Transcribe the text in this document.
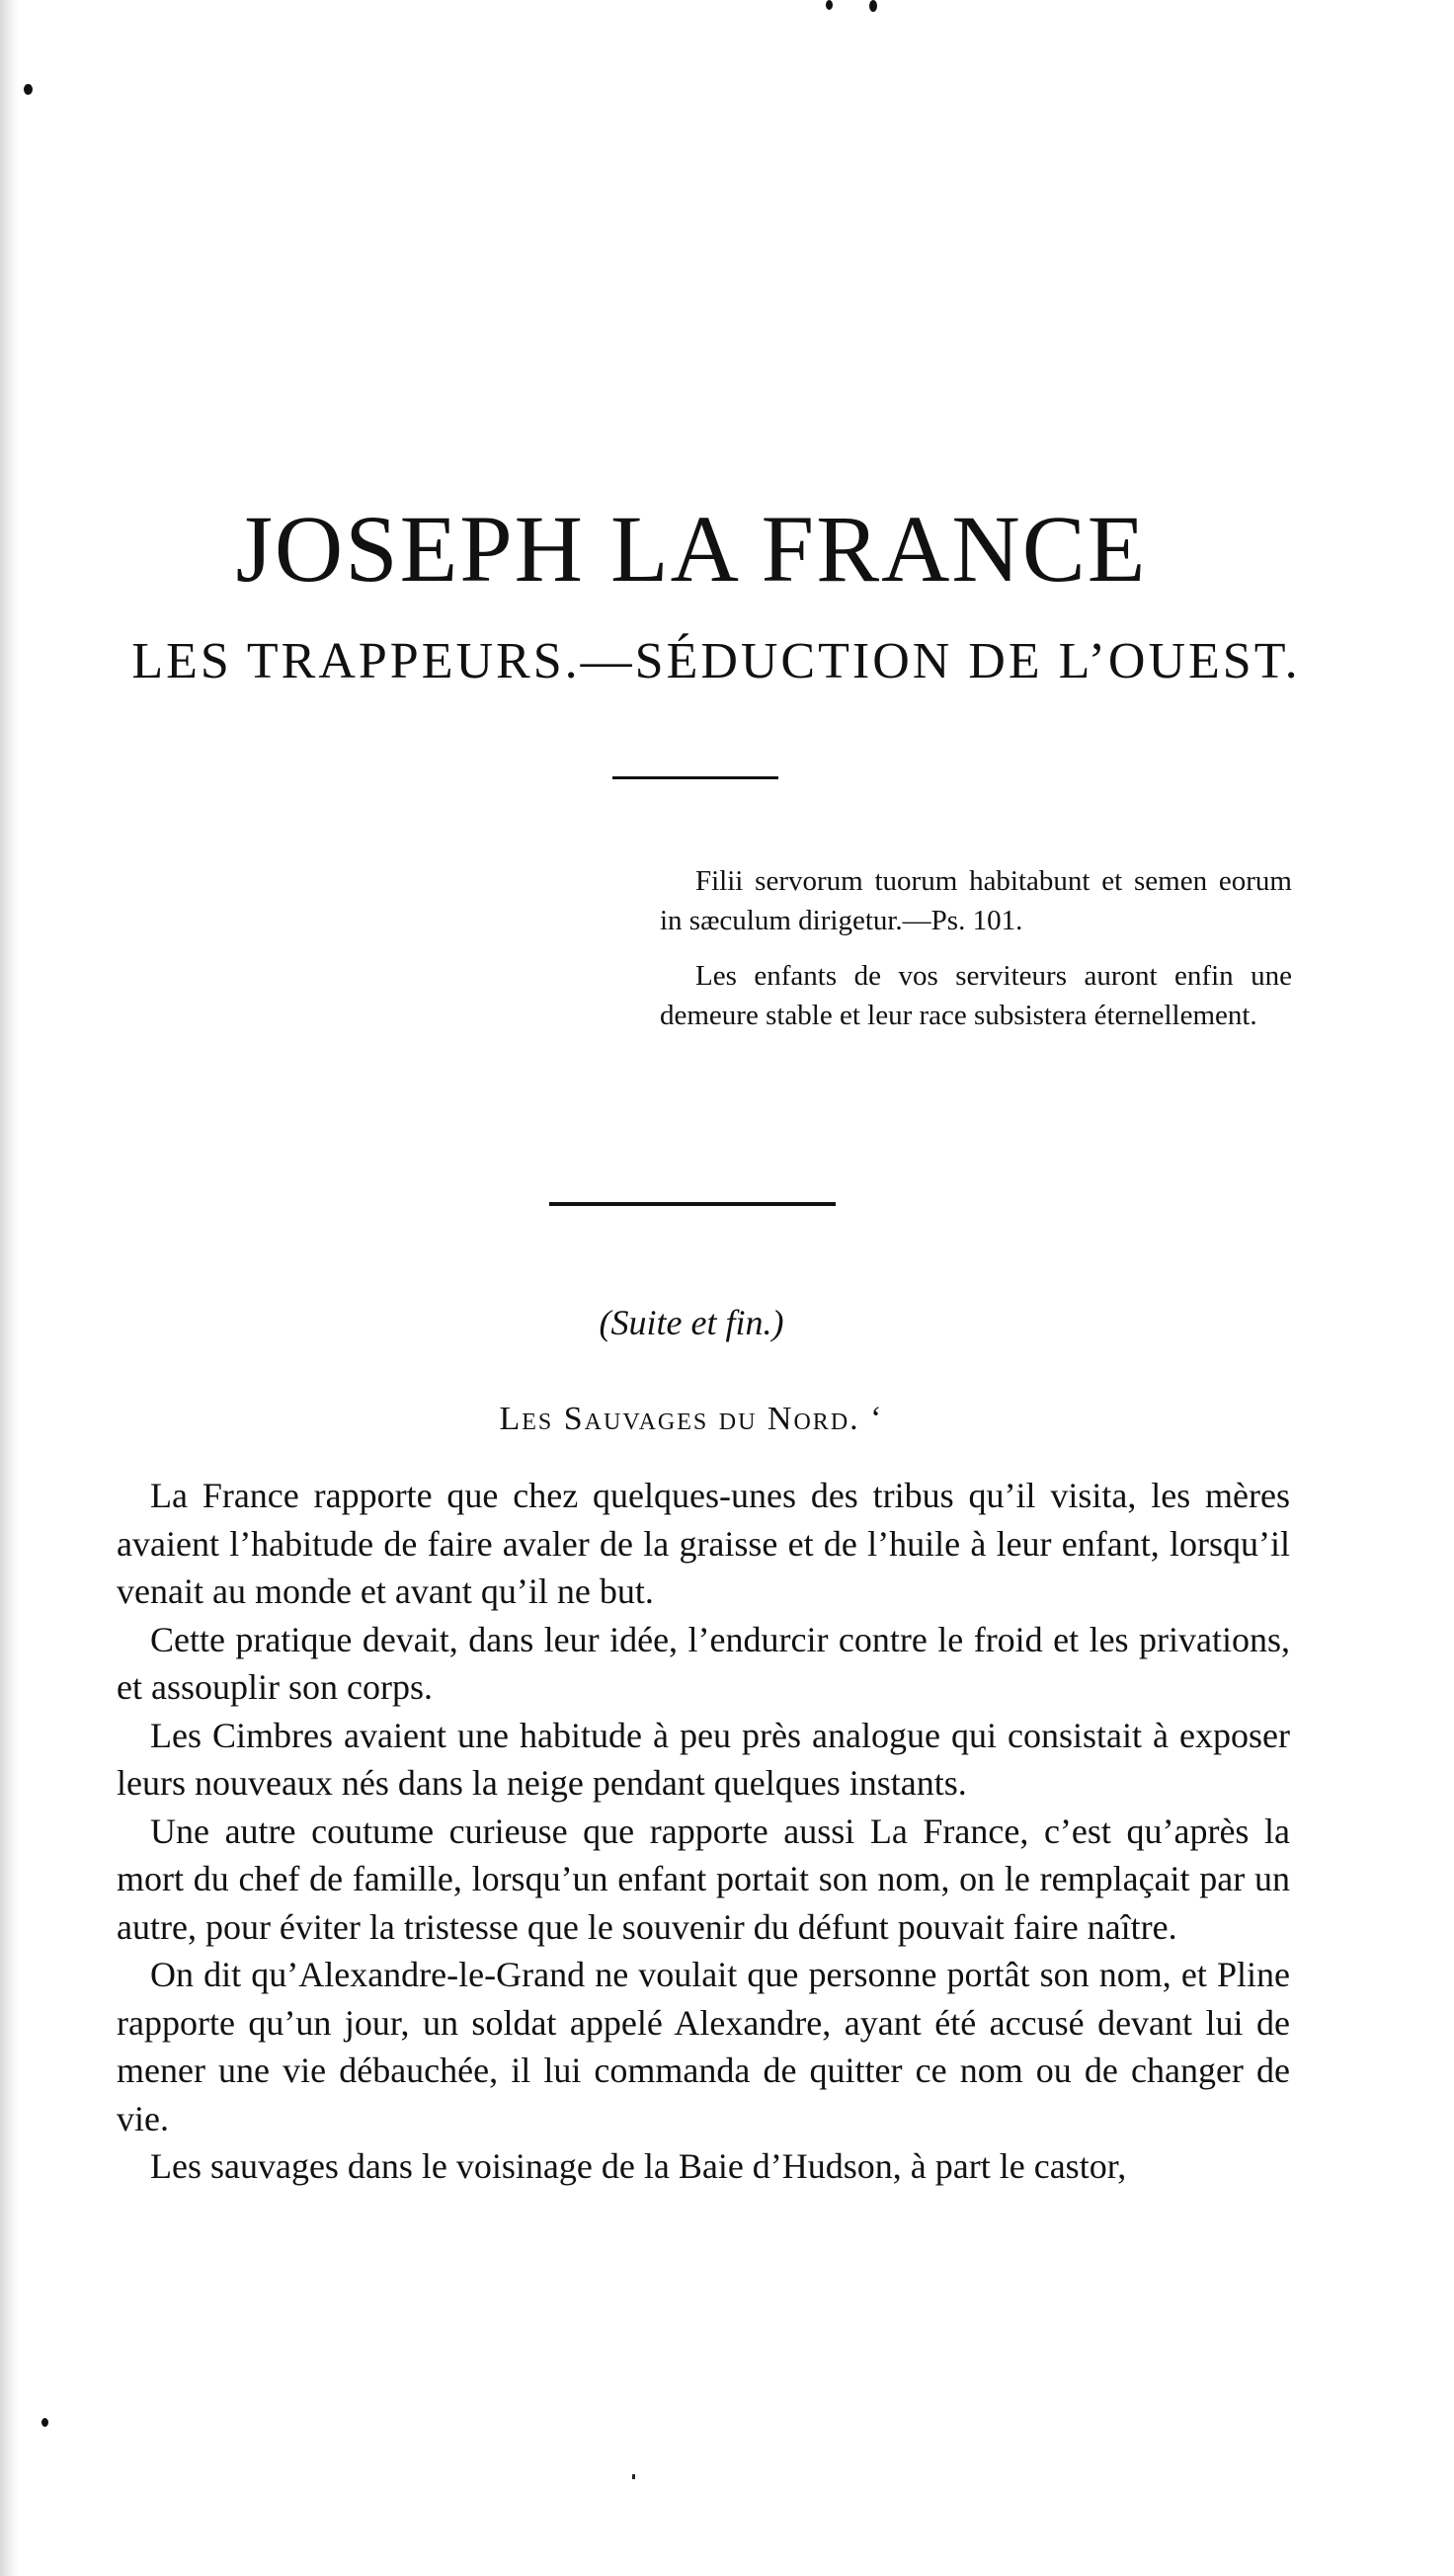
JOSEPH LA FRANCE
LES TRAPPEURS.—SÉDUCTION DE L’OUEST.

Filii servorum tuorum habitabunt et semen eorum in sæculum dirigetur.—Ps. 101.

Les enfants de vos serviteurs auront enfin une demeure stable et leur race subsistera éternellement.

(Suite et fin.)
Les Sauvages du Nord. ‘

La France rapporte que chez quelques-unes des tribus qu’il visita, les mères avaient l’habitude de faire avaler de la graisse et de l’huile à leur enfant, lorsqu’il venait au monde et avant qu’il ne but.

Cette pratique devait, dans leur idée, l’endurcir contre le froid et les privations, et assouplir son corps.

Les Cimbres avaient une habitude à peu près analogue qui consistait à exposer leurs nouveaux nés dans la neige pendant quelques instants.

Une autre coutume curieuse que rapporte aussi La France, c’est qu’après la mort du chef de famille, lorsqu’un enfant portait son nom, on le remplaçait par un autre, pour éviter la tristesse que le souvenir du défunt pouvait faire naître.

On dit qu’Alexandre-le-Grand ne voulait que personne portât son nom, et Pline rapporte qu’un jour, un soldat appelé Alexandre, ayant été accusé devant lui de mener une vie débauchée, il lui commanda de quitter ce nom ou de changer de vie.

Les sauvages dans le voisinage de la Baie d’Hudson, à part le castor,
